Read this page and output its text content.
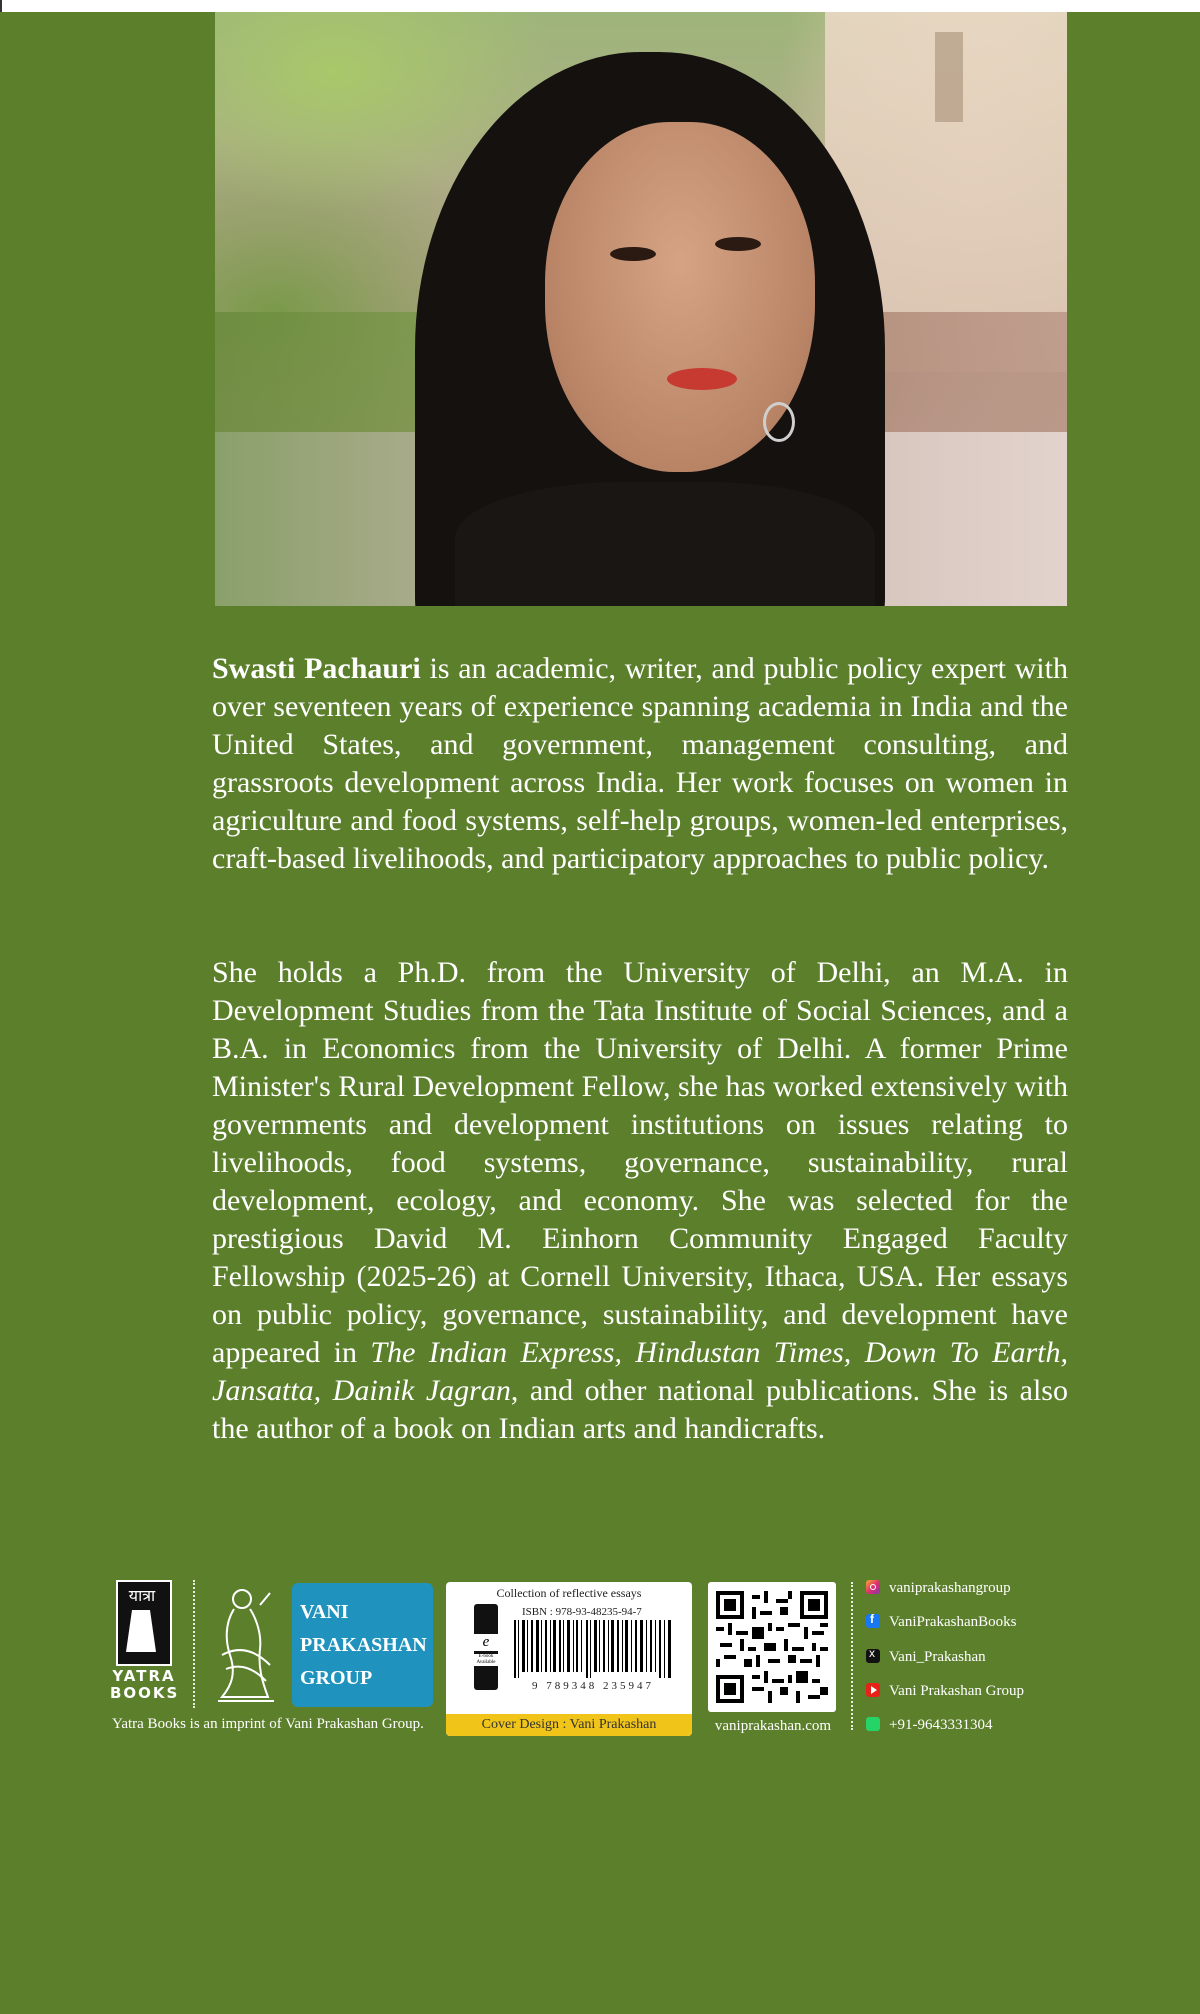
Swasti Pachauri is an academic, writer, and public policy expert with over seventeen years of experience spanning academia in India and the United States, and government, management consulting, and grassroots development across India. Her work focuses on women in agriculture and food systems, self-help groups, women-led enterprises, craft-based livelihoods, and participatory approaches to public policy.

She holds a Ph.D. from the University of Delhi, an M.A. in Development Studies from the Tata Institute of Social Sciences, and a B.A. in Economics from the University of Delhi. A former Prime Minister's Rural Development Fellow, she has worked extensively with governments and development institutions on issues relating to livelihoods, food systems, governance, sustainability, rural development, ecology, and economy. She was selected for the prestigious David M. Einhorn Community Engaged Faculty Fellowship (2025-26) at Cornell University, Ithaca, USA. Her essays on public policy, governance, sustainability, and development have appeared in The Indian Express, Hindustan Times, Down To Earth, Jansatta, Dainik Jagran, and other national publications. She is also the author of a book on Indian arts and handicrafts.

यात्रा
YATRA BOOKS
VANI PRAKASHAN GROUP
Yatra Books is an imprint of Vani Prakashan Group.
Collection of reflective essays
e
E-book Available
ISBN : 978-93-48235-94-7
9 789348 235947
Cover Design : Vani Prakashan	vaniprakashan.com
vaniprakashangroup
fVaniPrakashanBooks
xVani_Prakashan
Vani Prakashan Group
+91-9643331304
